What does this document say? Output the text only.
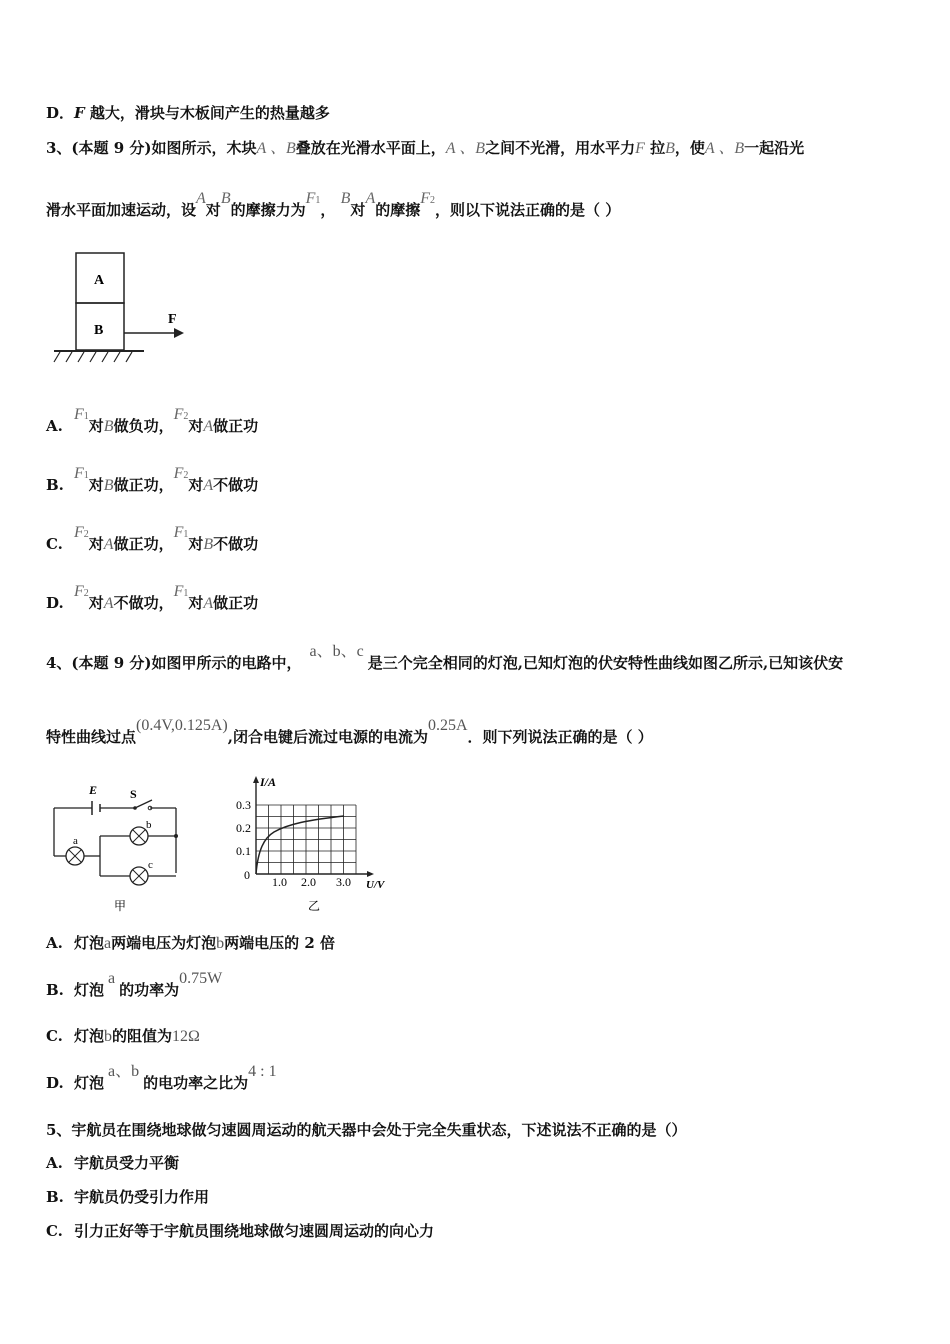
D．F 越大，滑块与木板间产生的热量越多
3、(本题 9 分)如图所示，木块A 、B叠放在光滑水平面上，A 、B之间不光滑，用水平力F 拉B，使A 、B一起沿光
滑水平面加速运动，设A对B的摩擦力为F1， B对A的摩擦F2，则以下说法正确的是（ ）
A
B
F
A.F1对B做负功，F2对A做正功
B.F1对B做正功，F2对A不做功
C.F2对A做正功，F1对B不做功
D.F2对A不做功，F1对A做正功
4、(本题 9 分)如图甲所示的电路中，a、b、c是三个完全相同的灯泡,已知灯泡的伏安特性曲线如图乙所示,已知该伏安
特性曲线过点(0.4V,0.125A),闭合电键后流过电源的电流为0.25A．则下列说法正确的是（ ）
E	S
a
b
c
甲
I/A
0.3
0.2
0.1
0 1.0 2.0 3.0 U/V
乙
A. 灯泡a两端电压为灯泡b两端电压的 2 倍
B. 灯泡a的功率为0.75W
C. 灯泡b的阻值为12Ω
D. 灯泡a、b的电功率之比为4 : 1
5、宇航员在围绕地球做匀速圆周运动的航天器中会处于完全失重状态，下述说法不正确的是（）
A. 宇航员受力平衡
B. 宇航员仍受引力作用
C. 引力正好等于宇航员围绕地球做匀速圆周运动的向心力
